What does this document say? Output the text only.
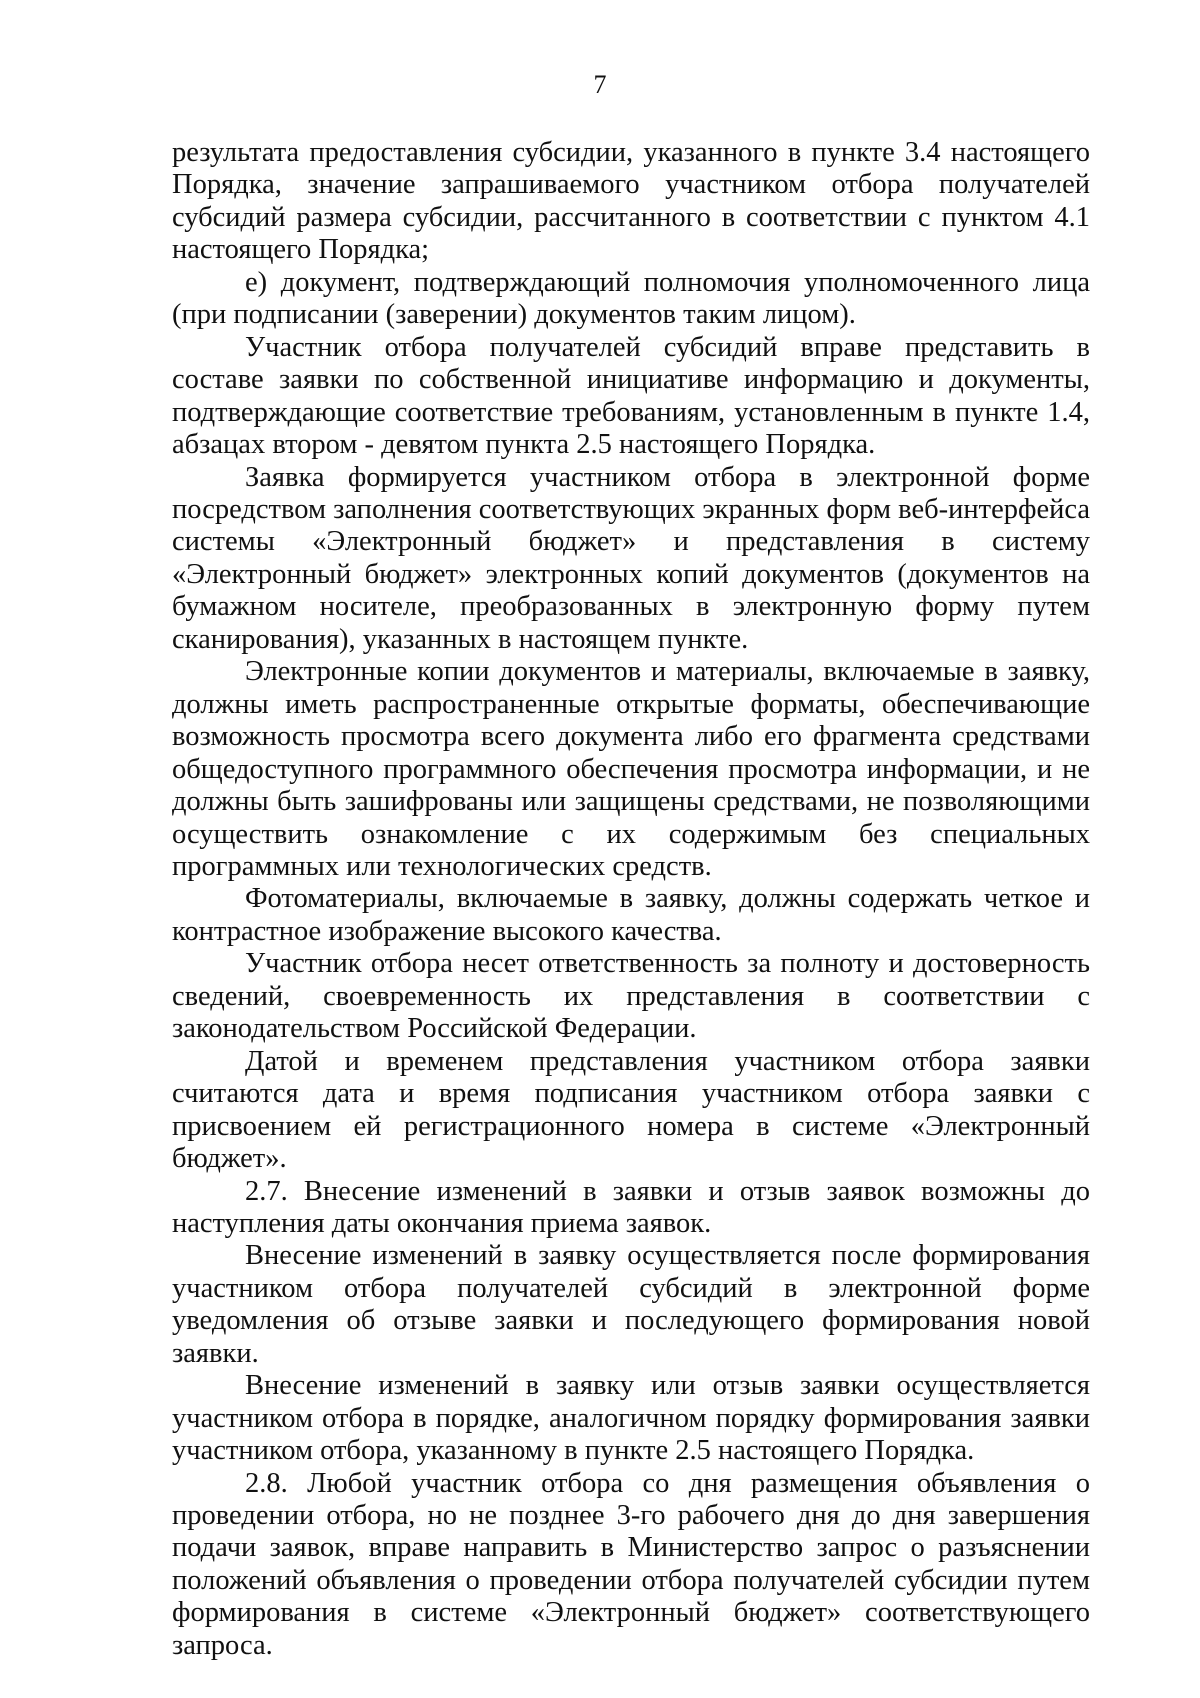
7

результата предоставления субсидии, указанного в пункте 3.4 настоящего Порядка, значение запрашиваемого участником отбора получателей субсидий размера субсидии, рассчитанного в соответствии с пунктом 4.1 настоящего Порядка;

е) документ, подтверждающий полномочия уполномоченного лица (при подписании (заверении) документов таким лицом).

Участник отбора получателей субсидий вправе представить в составе заявки по собственной инициативе информацию и документы, подтверждающие соответствие требованиям, установленным в пункте 1.4, абзацах втором - девятом пункта 2.5 настоящего Порядка.

Заявка формируется участником отбора в электронной форме посредством заполнения соответствующих экранных форм веб-интерфейса системы «Электронный бюджет» и представления в систему «Электронный бюджет» электронных копий документов (документов на бумажном носителе, преобразованных в электронную форму путем сканирования), указанных в настоящем пункте.

Электронные копии документов и материалы, включаемые в заявку, должны иметь распространенные открытые форматы, обеспечивающие возможность просмотра всего документа либо его фрагмента средствами общедоступного программного обеспечения просмотра информации, и не должны быть зашифрованы или защищены средствами, не позволяющими осуществить ознакомление с их содержимым без специальных программных или технологических средств.

Фотоматериалы, включаемые в заявку, должны содержать четкое и контрастное изображение высокого качества.

Участник отбора несет ответственность за полноту и достоверность сведений, своевременность их представления в соответствии с законодательством Российской Федерации.

Датой и временем представления участником отбора заявки считаются дата и время подписания участником отбора заявки с присвоением ей регистрационного номера в системе «Электронный бюджет».

2.7. Внесение изменений в заявки и отзыв заявок возможны до наступления даты окончания приема заявок.

Внесение изменений в заявку осуществляется после формирования участником отбора получателей субсидий в электронной форме уведомления об отзыве заявки и последующего формирования новой заявки.

Внесение изменений в заявку или отзыв заявки осуществляется участником отбора в порядке, аналогичном порядку формирования заявки участником отбора, указанному в пункте 2.5 настоящего Порядка.

2.8. Любой участник отбора со дня размещения объявления о проведении отбора, но не позднее 3-го рабочего дня до дня завершения подачи заявок, вправе направить в Министерство запрос о разъяснении положений объявления о проведении отбора получателей субсидии путем формирования в системе «Электронный бюджет» соответствующего запроса.
